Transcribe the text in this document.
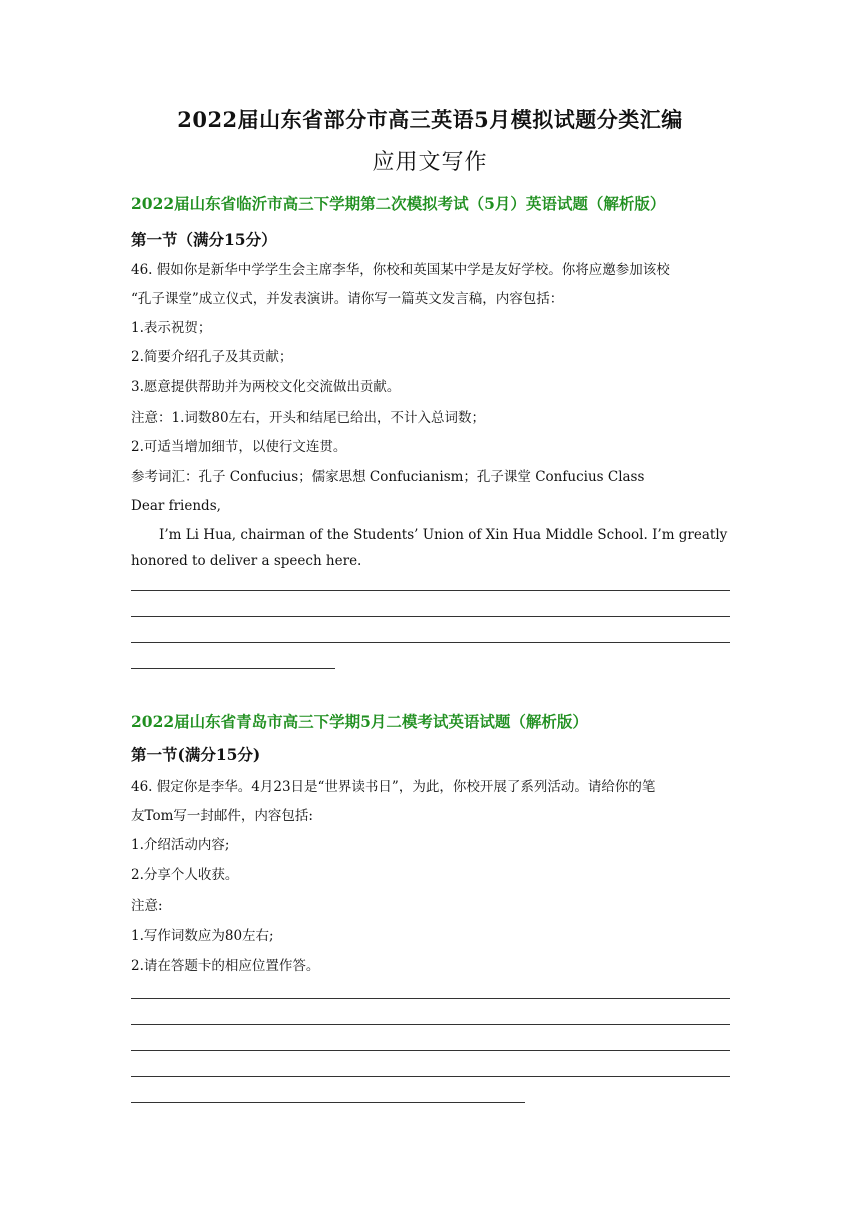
2022届山东省部分市高三英语5月模拟试题分类汇编
应用文写作
2022届山东省临沂市高三下学期第二次模拟考试（5月）英语试题（解析版）
第一节（满分15分）
46. 假如你是新华中学学生会主席李华，你校和英国某中学是友好学校。你将应邀参加该校
“孔子课堂”成立仪式，并发表演讲。请你写一篇英文发言稿，内容包括：
1.表示祝贺；
2.简要介绍孔子及其贡献；
3.愿意提供帮助并为两校文化交流做出贡献。
注意：1.词数80左右，开头和结尾已给出，不计入总词数；
2.可适当增加细节，以使行文连贯。
参考词汇：孔子 Confucius；儒家思想 Confucianism；孔子课堂 Confucius Class
Dear friends,
I’m Li Hua, chairman of the Students’ Union of Xin Hua Middle School. I’m greatly honored to deliver a speech here.
2022届山东省青岛市高三下学期5月二模考试英语试题（解析版）
第一节(满分15分)
46. 假定你是李华。4月23日是“世界读书日”，为此，你校开展了系列活动。请给你的笔
友Tom写一封邮件，内容包括:
1.介绍活动内容;
2.分享个人收获。
注意:
1.写作词数应为80左右;
2.请在答题卡的相应位置作答。
